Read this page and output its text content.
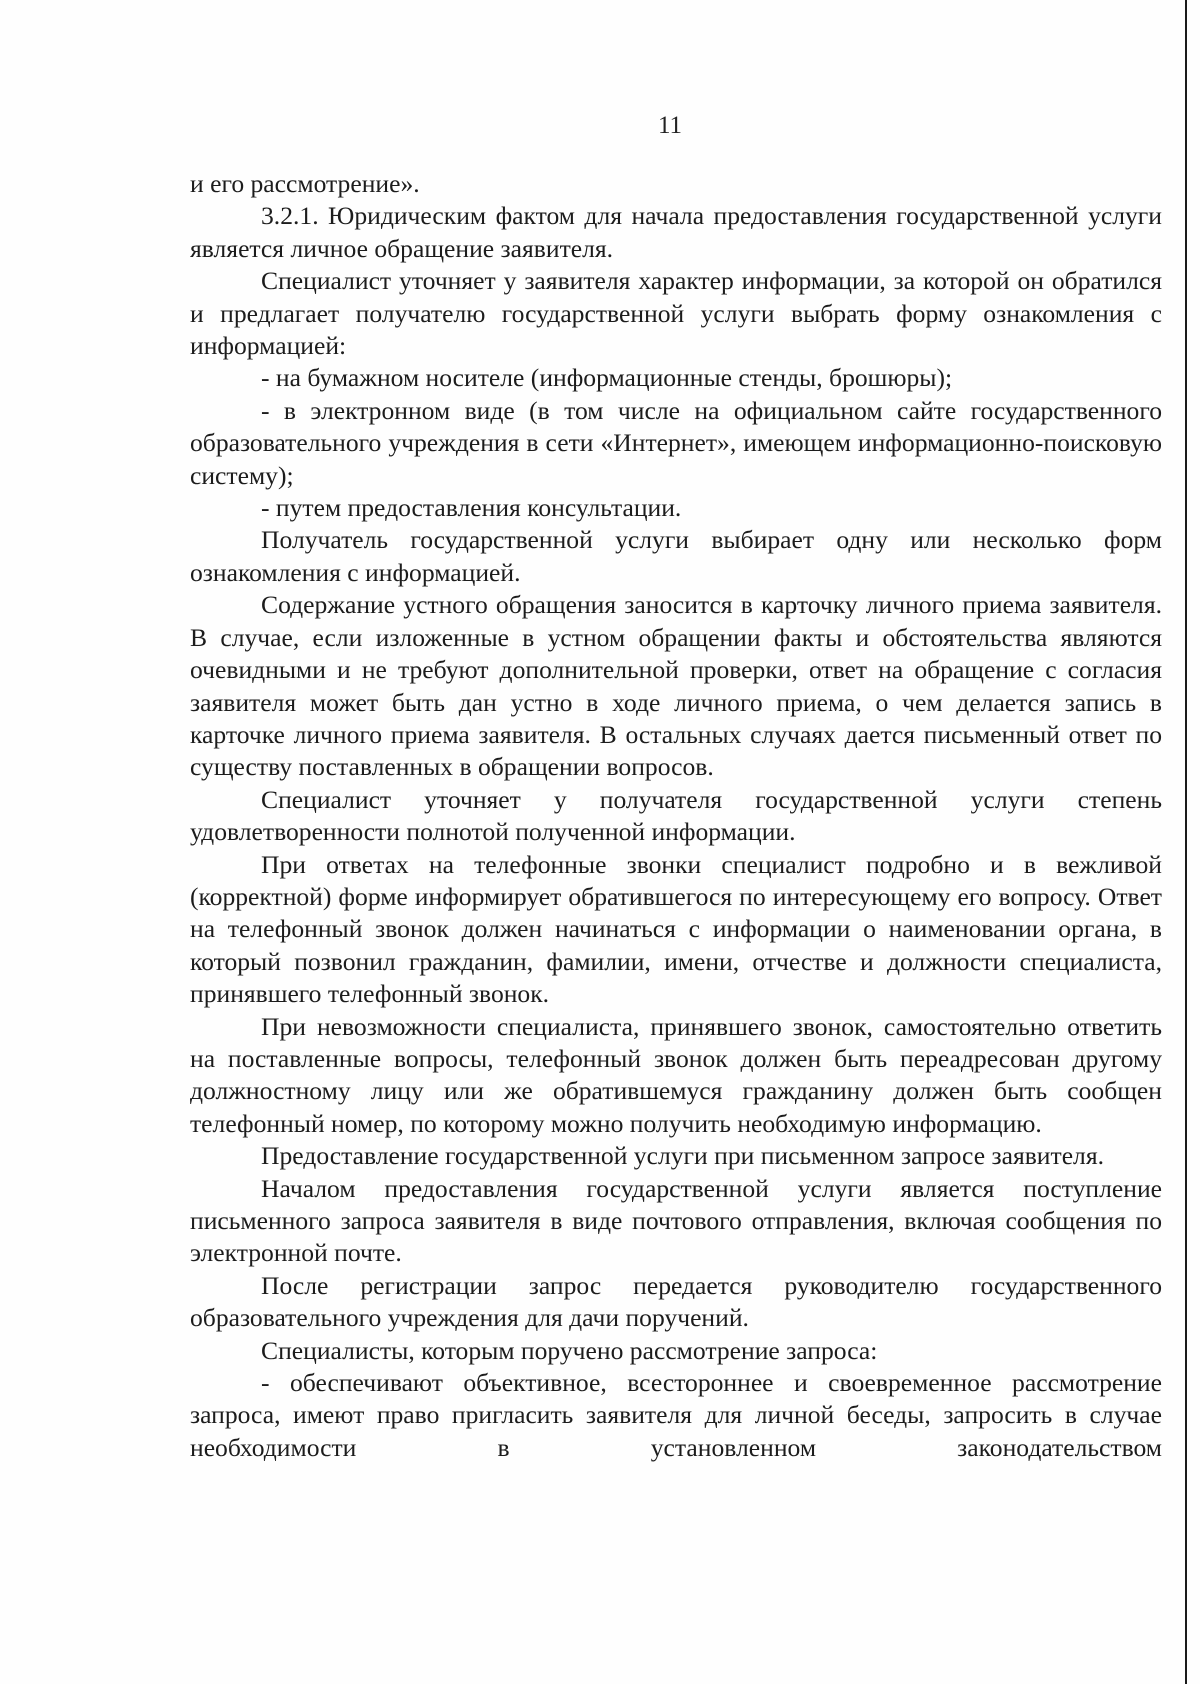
11

и его рассмотрение».

3.2.1. Юридическим фактом для начала предоставления государственной услуги является личное обращение заявителя.

Специалист уточняет у заявителя характер информации, за которой он обратился и предлагает получателю государственной услуги выбрать форму ознакомления с информацией:

- на бумажном носителе (информационные стенды, брошюры);

- в электронном виде (в том числе на официальном сайте государственного образовательного учреждения в сети «Интернет», имеющем информационно-поисковую систему);

- путем предоставления консультации.

Получатель государственной услуги выбирает одну или несколько форм ознакомления с информацией.

Содержание устного обращения заносится в карточку личного приема заявителя. В случае, если изложенные в устном обращении факты и обстоятельства являются очевидными и не требуют дополнительной проверки, ответ на обращение с согласия заявителя может быть дан устно в ходе личного приема, о чем делается запись в карточке личного приема заявителя. В остальных случаях дается письменный ответ по существу поставленных в обращении вопросов.

Специалист уточняет у получателя государственной услуги степень удовлетворенности полнотой полученной информации.

При ответах на телефонные звонки специалист подробно и в вежливой (корректной) форме информирует обратившегося по интересующему его вопросу. Ответ на телефонный звонок должен начинаться с информации о наименовании органа, в который позвонил гражданин, фамилии, имени, отчестве и должности специалиста, принявшего телефонный звонок.

При невозможности специалиста, принявшего звонок, самостоятельно ответить на поставленные вопросы, телефонный звонок должен быть переадресован другому должностному лицу или же обратившемуся гражданину должен быть сообщен телефонный номер, по которому можно получить необходимую информацию.

Предоставление государственной услуги при письменном запросе заявителя.

Началом предоставления государственной услуги является поступление письменного запроса заявителя в виде почтового отправления, включая сообщения по электронной почте.

После регистрации запрос передается руководителю государственного образовательного учреждения для дачи поручений.

Специалисты, которым поручено рассмотрение запроса:

- обеспечивают объективное, всестороннее и своевременное рассмотрение запроса, имеют право пригласить заявителя для личной беседы, запросить в случае необходимости в установленном законодательством
